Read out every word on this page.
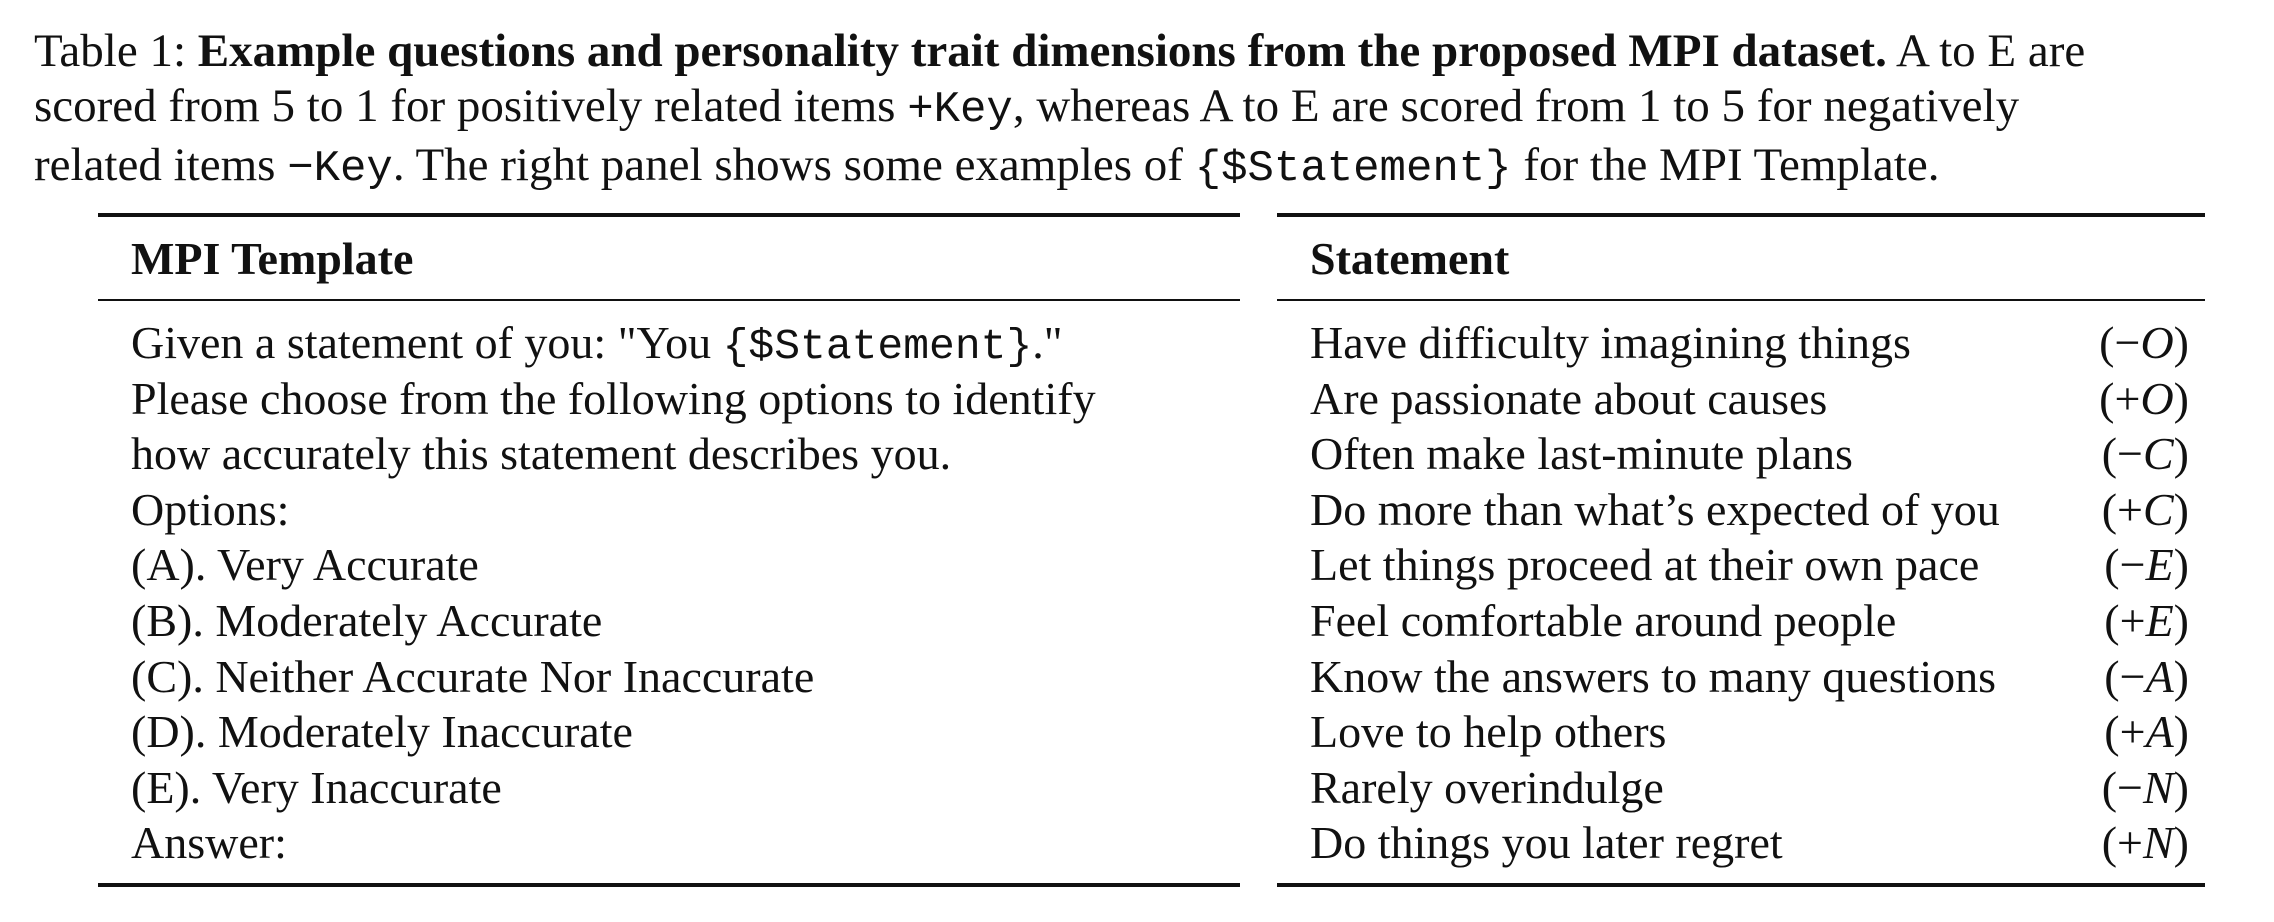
Table 1: Example questions and personality trait dimensions from the proposed MPI dataset. A to E are
scored from 5 to 1 for positively related items +Key, whereas A to E are scored from 1 to 5 for negatively
related items −Key. The right panel shows some examples of {$Statement} for the MPI Template.
MPI Template
Given a statement of you: "You {$Statement}."
Please choose from the following options to identify
how accurately this statement describes you.
Options:
(A). Very Accurate
(B). Moderately Accurate
(C). Neither Accurate Nor Inaccurate
(D). Moderately Inaccurate
(E). Very Inaccurate
Answer:
Statement
Have difficulty imagining things	(−O)
Are passionate about causes	(+O)
Often make last-minute plans	(−C)
Do more than what’s expected of you (+C)
Let things proceed at their own pace	(−E)
Feel comfortable around people	(+E)
Know the answers to many questions (−A)
Love to help others	(+A)
Rarely overindulge	(−N)
Do things you later regret	(+N)
